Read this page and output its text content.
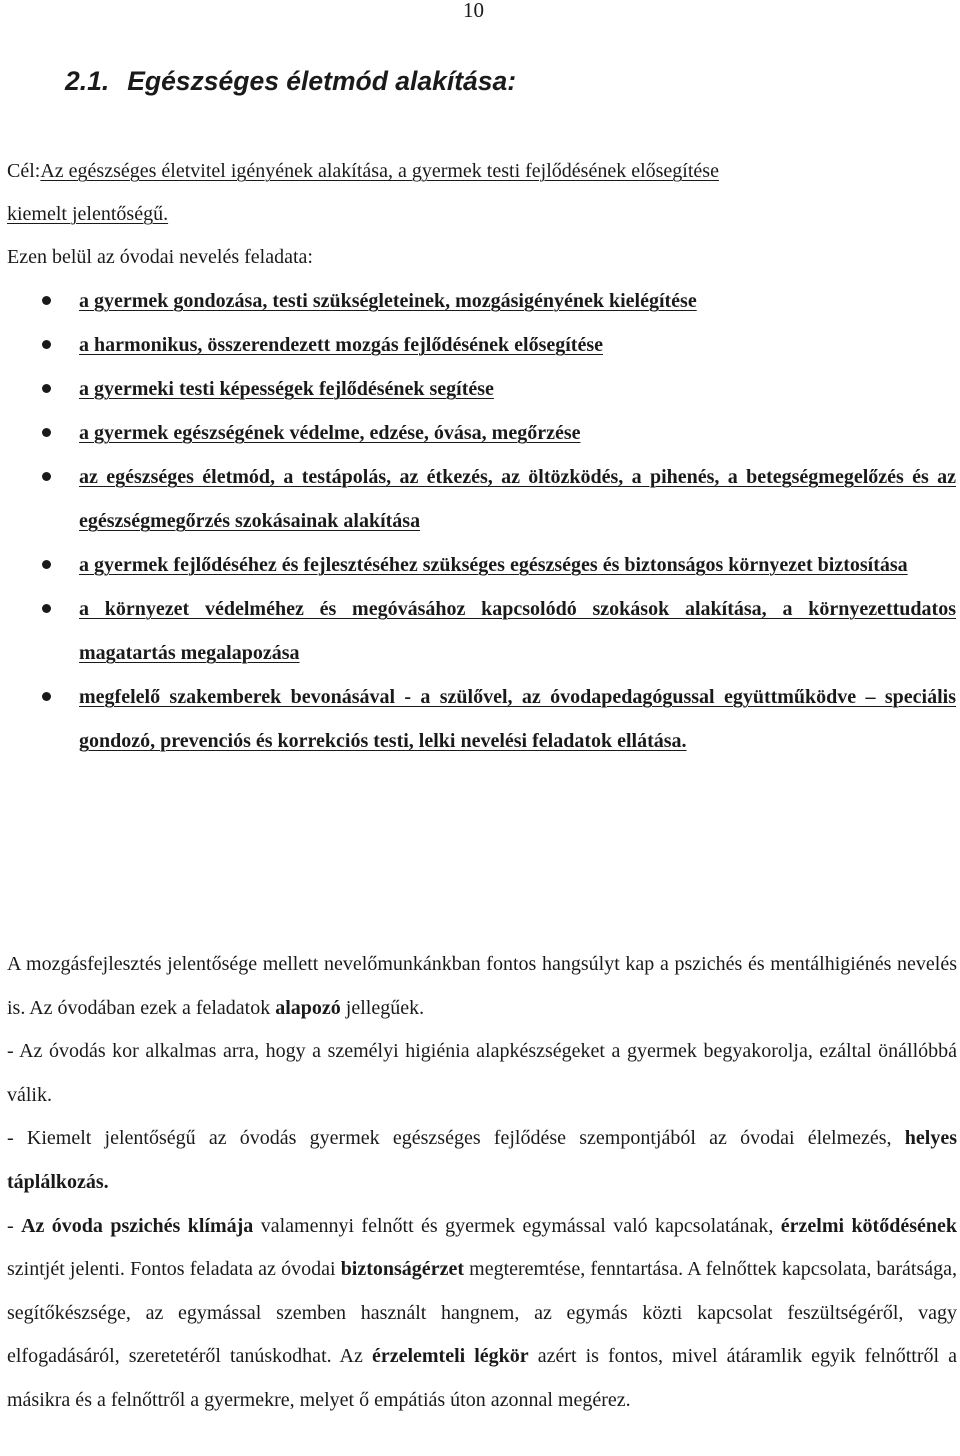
10
2.1. Egészséges életmód alakítása:

Cél:Az egészséges életvitel igényének alakítása, a gyermek testi fejlődésének elősegítése

kiemelt jelentőségű.

Ezen belül az óvodai nevelés feladata:

a gyermek gondozása, testi szükségleteinek, mozgásigényének kielégítése
a harmonikus, összerendezett mozgás fejlődésének elősegítése
a gyermeki testi képességek fejlődésének segítése
a gyermek egészségének védelme, edzése, óvása, megőrzése
az egészséges életmód, a testápolás, az étkezés, az öltözködés, a pihenés, a betegségmegelőzés és az egészségmegőrzés szokásainak alakítása
a gyermek fejlődéséhez és fejlesztéséhez szükséges egészséges és biztonságos környezet biztosítása
a környezet védelméhez és megóvásához kapcsolódó szokások alakítása, a környezettudatos magatartás megalapozása
megfelelő szakemberek bevonásával - a szülővel, az óvodapedagógussal együttműködve – speciális gondozó, prevenciós és korrekciós testi, lelki nevelési feladatok ellátása.

A mozgásfejlesztés jelentősége mellett nevelőmunkánkban fontos hangsúlyt kap a pszichés és mentálhigiénés nevelés is. Az óvodában ezek a feladatok alapozó jellegűek.

- Az óvodás kor alkalmas arra, hogy a személyi higiénia alapkészségeket a gyermek begyakorolja, ezáltal önállóbbá válik.

- Kiemelt jelentőségű az óvodás gyermek egészséges fejlődése szempontjából az óvodai élelmezés, helyes táplálkozás.

- Az óvoda pszichés klímája valamennyi felnőtt és gyermek egymással való kapcsolatának, érzelmi kötődésének szintjét jelenti. Fontos feladata az óvodai biztonságérzet megteremtése, fenntartása. A felnőttek kapcsolata, barátsága, segítőkészsége, az egymással szemben használt hangnem, az egymás közti kapcsolat feszültségéről, vagy elfogadásáról, szeretetéről tanúskodhat. Az érzelemteli légkör azért is fontos, mivel átáramlik egyik felnőttről a másikra és a felnőttről a gyermekre, melyet ő empátiás úton azonnal megérez.
